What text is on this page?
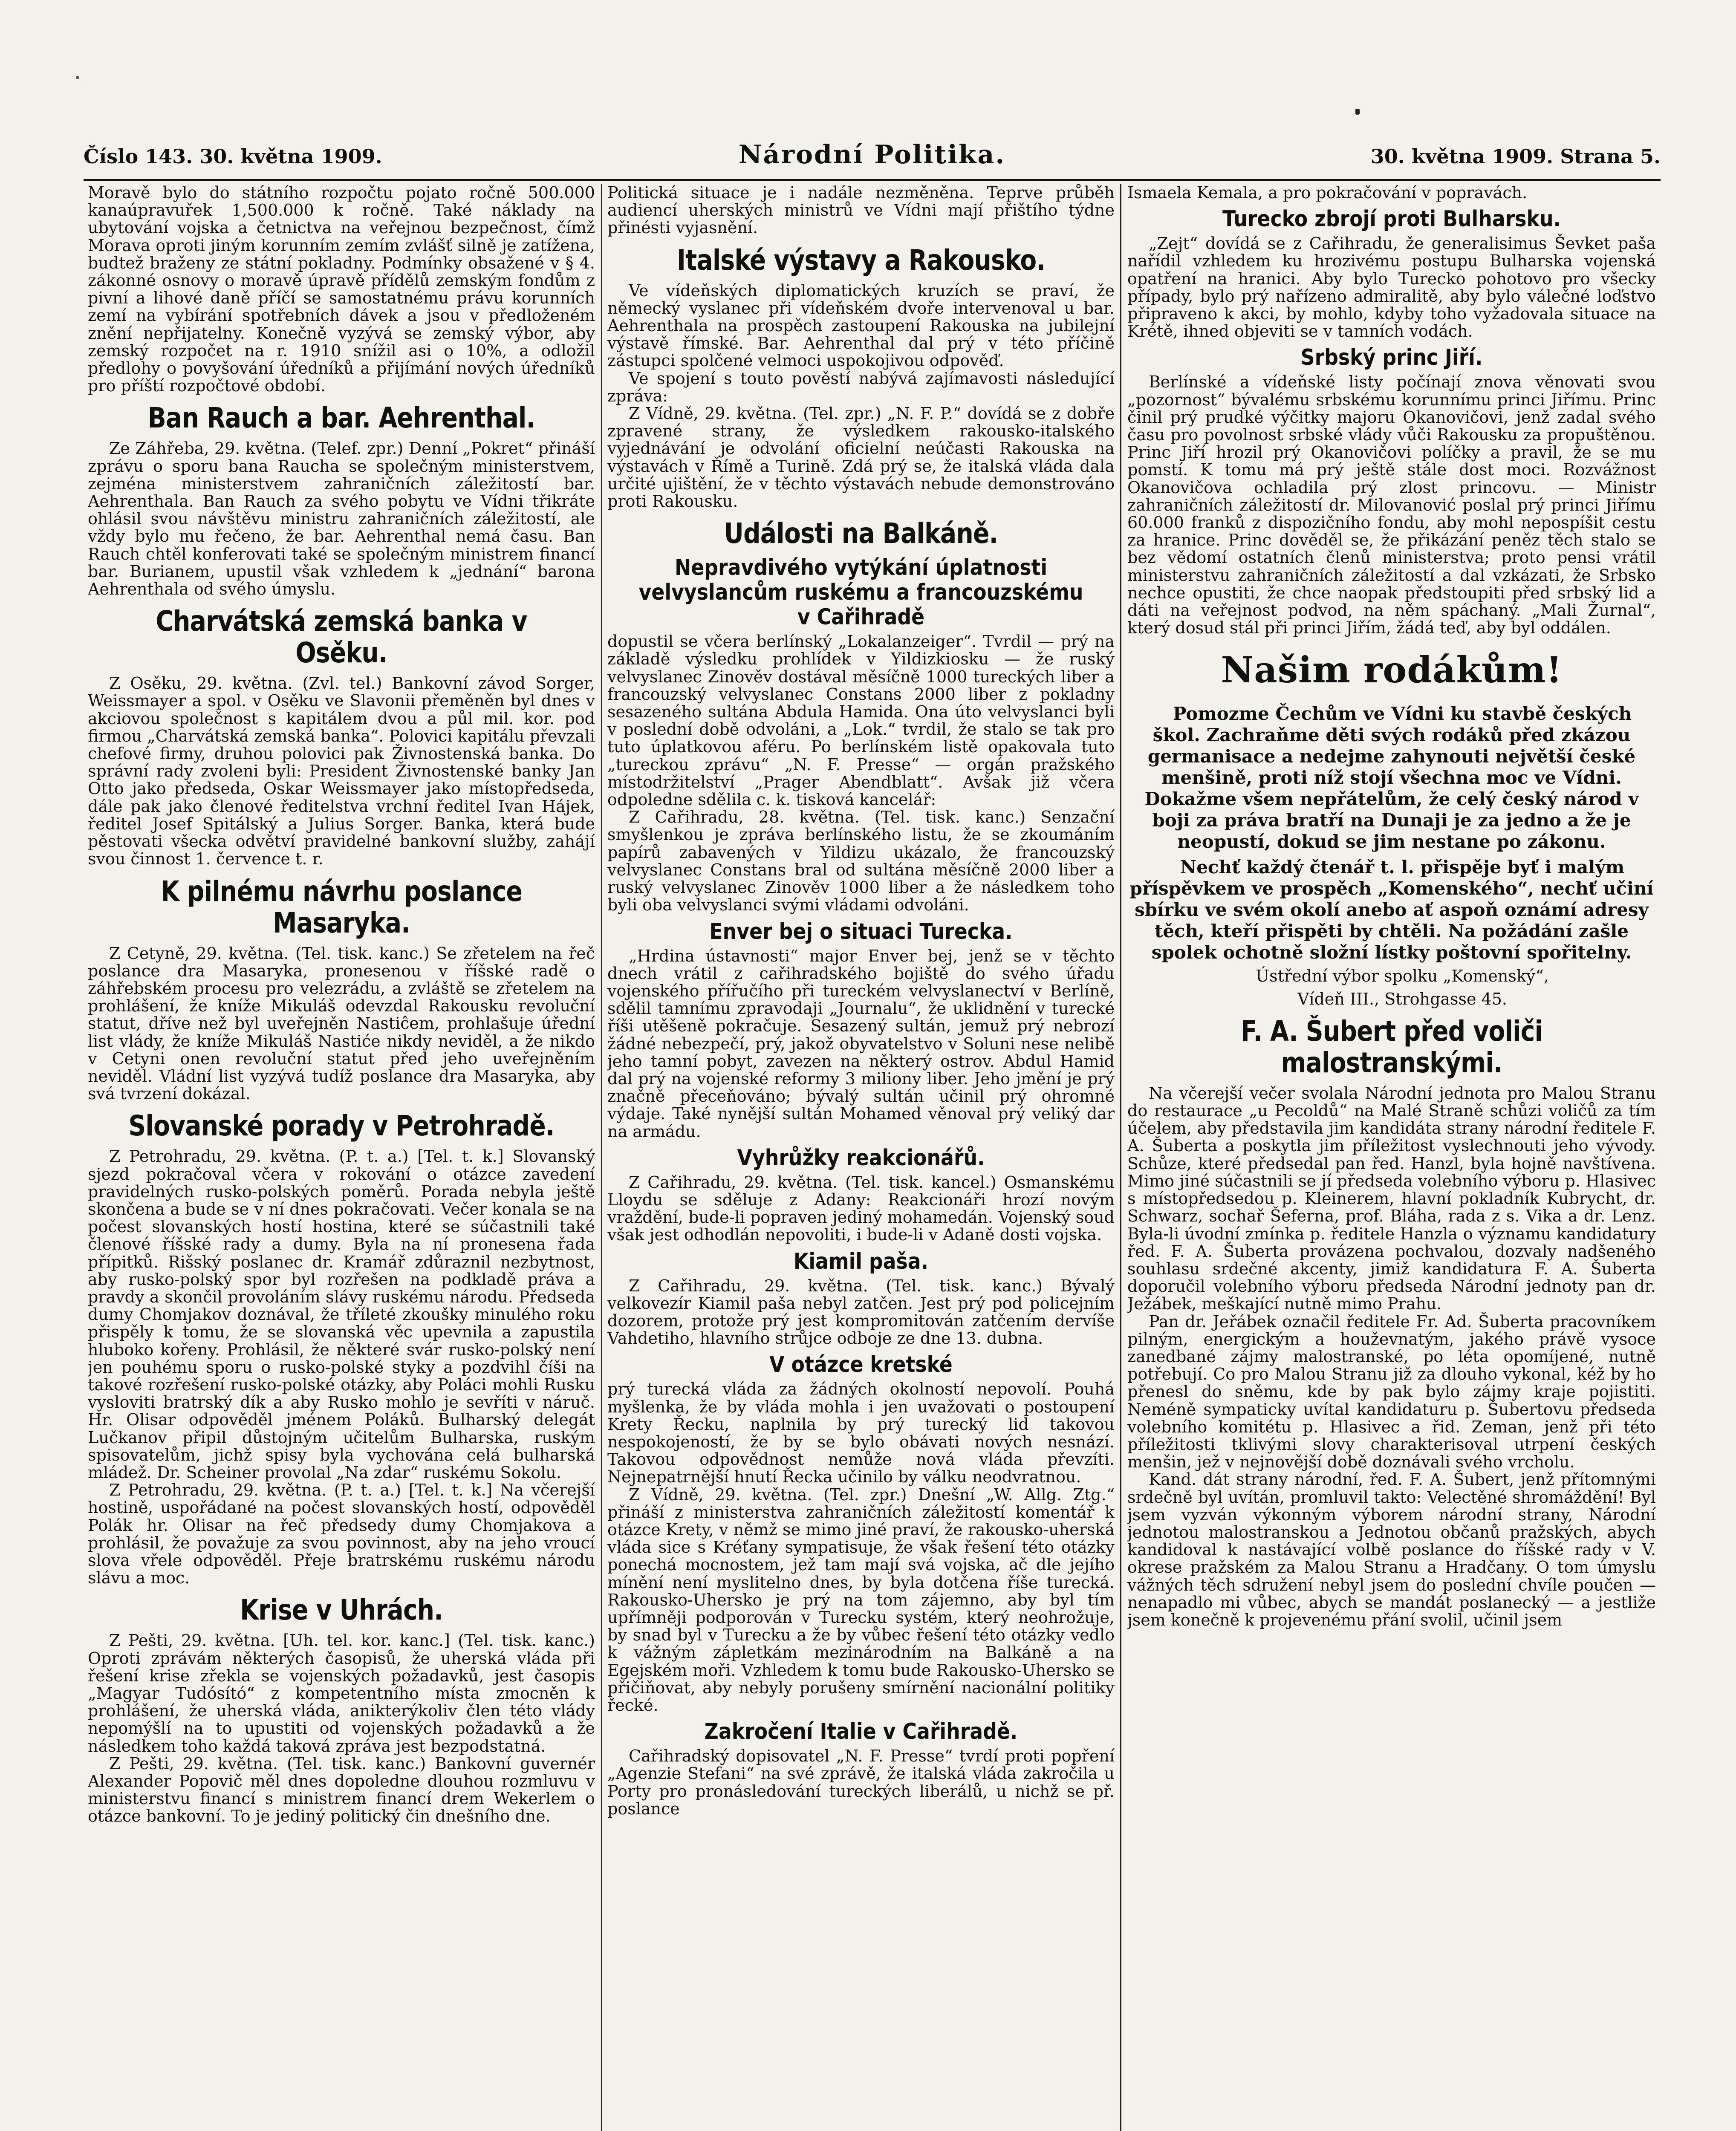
Číslo 143. 30. května 1909.	Národní Politika.	30. května 1909. Strana 5.

Moravě bylo do státního rozpočtu pojato ročně 500.000 kanaúpravuřek 1,500.000 k ročně. Také náklady na ubytování vojska a četnictva na veřejnou bezpečnost, čímž Morava oproti jiným korunním zemím zvlášť silně je zatížena, budtež braženy ze státní pokladny. Podmínky obsažené v § 4. zákonné osnovy o moravě úpravě přídělů zemským fondům z pivní a lihové daně příčí se samostatnému právu korunních zemí na vybírání spotřebních dávek a jsou v předloženém znění nepřijatelny. Konečně vyzývá se zemský výbor, aby zemský rozpočet na r. 1910 snížil asi o 10%, a odložil předlohy o povyšování úředníků a přijímání nových úředníků pro příští rozpočtové období.

Ban Rauch a bar. Aehrenthal.

Ze Záhřeba, 29. května. (Telef. zpr.) Denní „Pokret“ přináší zprávu o sporu bana Raucha se společným ministerstvem, zejména ministerstvem zahraničních záležitostí bar. Aehrenthala. Ban Rauch za svého pobytu ve Vídni třikráte ohlásil svou návštěvu ministru zahraničních záležitostí, ale vždy bylo mu řečeno, že bar. Aehrenthal nemá času. Ban Rauch chtěl konferovati také se společným ministrem financí bar. Burianem, upustil však vzhledem k „jednání“ barona Aehrenthala od svého úmyslu.

Charvátská zemská banka v Osěku.

Z Osěku, 29. května. (Zvl. tel.) Bankovní závod Sorger, Weissmayer a spol. v Osěku ve Slavonii přeměněn byl dnes v akciovou společnost s kapitálem dvou a půl mil. kor. pod firmou „Charvátská zemská banka“. Polovici kapitálu převzali chefové firmy, druhou polovici pak Živnostenská banka. Do správní rady zvoleni byli: President Živnostenské banky Jan Otto jako předseda, Oskar Weissmayer jako místopředseda, dále pak jako členové ředitelstva vrchní ředitel Ivan Hájek, ředitel Josef Spitálský a Julius Sorger. Banka, která bude pěstovati všecka odvětví pravidelné bankovní služby, zahájí svou činnost 1. července t. r.

K pilnému návrhu poslance Masaryka.

Z Cetyně, 29. května. (Tel. tisk. kanc.) Se zřetelem na řeč poslance dra Masaryka, pronesenou v říšské radě o záhřebském procesu pro velezrádu, a zvláště se zřetelem na prohlášení, že kníže Mikuláš odevzdal Rakousku revoluční statut, dříve než byl uveřejněn Nastiĉem, prohlašuje úřední list vlády, že kníže Mikuláš Nastiće nikdy neviděl, a že nikdo v Cetyni onen revoluční statut před jeho uveřejněním neviděl. Vládní list vyzývá tudíž poslance dra Masaryka, aby svá tvrzení dokázal.

Slovanské porady v Petrohradě.

Z Petrohradu, 29. května. (P. t. a.) [Tel. t. k.] Slovanský sjezd pokračoval včera v rokování o otázce zavedení pravidelných rusko-polských poměrů. Porada nebyla ještě skončena a bude se v ní dnes pokračovati. Večer konala se na počest slovanských hostí hostina, které se súčastnili také členové říšské rady a dumy. Byla na ní pronesena řada přípitků. Rišský poslanec dr. Kramář zdůraznil nezbytnost, aby rusko-polský spor byl rozřešen na podkladě práva a pravdy a skončil provoláním slávy ruskému národu. Předseda dumy Chomjakov doznával, že tříleté zkoušky minulého roku přispěly k tomu, že se slovanská věc upevnila a zapustila hluboko kořeny. Prohlásil, že některé svár rusko-polský není jen pouhému sporu o rusko-polské styky a pozdvihl číši na takové rozřešení rusko-polské otázky, aby Poláci mohli Rusku vysloviti bratrský dík a aby Rusko mohlo je sevříti v náruč. Hr. Olisar odpověděl jménem Poláků. Bulharský delegát Lučkanov připil důstojným učitelům Bulharska, ruským spisovatelům, jichž spisy byla vychována celá bulharská mládež. Dr. Scheiner provolal „Na zdar“ ruskému Sokolu.

Z Petrohradu, 29. května. (P. t. a.) [Tel. t. k.] Na včerejší hostině, uspořádané na počest slovanských hostí, odpověděl Polák hr. Olisar na řeč předsedy dumy Chomjakova a prohlásil, že považuje za svou povinnost, aby na jeho vroucí slova vřele odpověděl. Přeje bratrskému ruskému národu slávu a moc.

Krise v Uhrách.

Z Pešti, 29. května. [Uh. tel. kor. kanc.] (Tel. tisk. kanc.) Oproti zprávám některých časopisů, že uherská vláda při řešení krise zřekla se vojenských požadavků, jest časopis „Magyar Tudósító“ z kompetentního místa zmocněn k prohlášení, že uherská vláda, anikterýkoliv člen této vlády nepomýšlí na to upustiti od vojenských požadavků a že následkem toho každá taková zpráva jest bezpodstatná.

Z Pešti, 29. května. (Tel. tisk. kanc.) Bankovní guvernér Alexander Popovič měl dnes dopoledne dlouhou rozmluvu v ministerstvu financí s ministrem financí drem Wekerlem o otázce bankovní. To je jediný politický čin dnešního dne.

Politická situace je i nadále nezměněna. Teprve průběh audiencí uherských ministrů ve Vídni mají přištího týdne přinésti vyjasnění.

Italské výstavy a Rakousko.

Ve vídeňských diplomatických kruzích se praví, že německý vyslanec při vídeňském dvoře intervenoval u bar. Aehrenthala na prospěch zastoupení Rakouska na jubilejní výstavě římské. Bar. Aehrenthal dal prý v této příčině zástupci spolčené velmoci uspokojivou odpověď.

Ve spojení s touto pověstí nabývá zajímavosti následující zpráva:

Z Vídně, 29. května. (Tel. zpr.) „N. F. P.“ dovídá se z dobře zpravené strany, že výsledkem rakousko-italského vyjednávání je odvolání oficielní neúčasti Rakouska na výstavách v Římě a Turině. Zdá prý se, že italská vláda dala určité ujištění, že v těchto výstavách nebude demonstrováno proti Rakousku.

Události na Balkáně.
Nepravdivého vytýkání úplatnosti velvyslancům ruskému a francouzskému v Cařihradě

dopustil se včera berlínský „Lokalanzeiger“. Tvrdil — prý na základě výsledku prohlídek v Yildizkiosku — že ruský velvyslanec Zinověv dostával měsíčně 1000 tureckých liber a francouzský velvyslanec Constans 2000 liber z pokladny sesazeného sultána Abdula Hamida. Ona úto velvyslanci byli v poslední době odvoláni, a „Lok.“ tvrdil, že stalo se tak pro tuto úplatkovou aféru. Po berlínském listě opakovala tuto „tureckou zprávu“ „N. F. Presse“ — orgán pražského místodržitelství „Prager Abendblatt“. Avšak již včera odpoledne sdělila c. k. tisková kancelář:

Z Cařihradu, 28. května. (Tel. tisk. kanc.) Senzační smyšlenkou je zpráva berlínského listu, že se zkoumáním papírů zabavených v Yildizu ukázalo, že francouzský velvyslanec Constans bral od sultána měsíčně 2000 liber a ruský velvyslanec Zinověv 1000 liber a že následkem toho byli oba velvyslanci svými vládami odvoláni.

Enver bej o situaci Turecka.

„Hrdina ústavnosti“ major Enver bej, jenž se v těchto dnech vrátil z cařihradského bojiště do svého úřadu vojenského přířučího při tureckém velvyslanectví v Berlíně, sdělil tamnímu zpravodaji „Journalu“, že uklidnění v turecké říši utěšeně pokračuje. Sesazený sultán, jemuž prý nebrozí žádné nebezpečí, prý, jakož obyvatelstvo v Soluni nese nelibě jeho tamní pobyt, zavezen na některý ostrov. Abdul Hamid dal prý na vojenské reformy 3 miliony liber. Jeho jmění je prý značně přeceňováno; bývalý sultán učinil prý ohromné výdaje. Také nynější sultán Mohamed věnoval prý veliký dar na armádu.

Vyhrůžky reakcionářů.

Z Cařihradu, 29. května. (Tel. tisk. kancel.) Osmanskému Lloydu se sděluje z Adany: Reakcionáři hrozí novým vraždění, bude-li popraven jediný mohamedán. Vojenský soud však jest odhodlán nepovoliti, i bude-li v Adaně dosti vojska.

Kiamil paša.

Z Cařihradu, 29. května. (Tel. tisk. kanc.) Bývalý velkovezír Kiamil paša nebyl zatčen. Jest prý pod policejním dozorem, protože prý jest kompromitován zatčením dervíše Vahdetiho, hlavního strůjce odboje ze dne 13. dubna.

V otázce kretské

prý turecká vláda za žádných okolností nepovolí. Pouhá myšlenka, že by vláda mohla i jen uvažovati o postoupení Krety Řecku, naplnila by prý turecký lid takovou nespokojeností, že by se bylo obávati nových nesnází. Takovou odpovědnost nemůže nová vláda převzíti. Nejnepatrnější hnutí Řecka učinilo by válku neodvratnou.

Z Vídně, 29. května. (Tel. zpr.) Dnešní „W. Allg. Ztg.“ přináší z ministerstva zahraničních záležitostí komentář k otázce Krety, v němž se mimo jiné praví, že rakousko-uherská vláda sice s Kréťany sympatisuje, že však řešení této otázky ponechá mocnostem, jež tam mají svá vojska, ač dle jejího mínění není myslitelno dnes, by byla dotčena říše turecká. Rakousko-Uhersko je prý na tom zájemno, aby byl tím upřímněji podporován v Turecku systém, který neohrožuje, by snad byl v Turecku a že by vůbec řešení této otázky vedlo k vážným zápletkám mezinárodním na Balkáně a na Egejském moři. Vzhledem k tomu bude Rakousko-Uhersko se přičiňovat, aby nebyly porušeny smírnění nacionální politiky řecké.

Zakročení Italie v Cařihradě.

Cařihradský dopisovatel „N. F. Presse“ tvrdí proti popření „Agenzie Stefani“ na své zprávě, že italská vláda zakročila u Porty pro pronásledování tureckých liberálů, u nichž se př. poslance

Ismaela Kemala, a pro pokračování v popravách.

Turecko zbrojí proti Bulharsku.

„Zejt“ dovídá se z Cařihradu, že generalisimus Ševket paša nařídil vzhledem ku hrozivému postupu Bulharska vojenská opatření na hranici. Aby bylo Turecko pohotovo pro všecky případy, bylo prý nařízeno admiralitě, aby bylo válečné loďstvo připraveno k akci, by mohlo, kdyby toho vyžadovala situace na Krétě, ihned objeviti se v tamních vodách.

Srbský princ Jiří.

Berlínské a vídeňské listy počínají znova věnovati svou „pozornost“ bývalému srbskému korunnímu princi Jiřímu. Princ činil prý prudké výčitky majoru Okanovičovi, jenž zadal svého času pro povolnost srbské vlády vůči Rakousku za propuštěnou. Princ Jiří hrozil prý Okanovičovi políčky a pravil, že se mu pomstí. K tomu má prý ještě stále dost moci. Rozvážnost Okanovičova ochladila prý zlost princovu. — Ministr zahraničních záležitostí dr. Milovanović poslal prý princi Jiřímu 60.000 franků z dispozičního fondu, aby mohl nepospíšit cestu za hranice. Princ dověděl se, že přikázání peněz těch stalo se bez vědomí ostatních členů ministerstva; proto pensi vrátil ministerstvu zahraničních záležitostí a dal vzkázati, že Srbsko nechce opustiti, že chce naopak předstoupiti před srbský lid a dáti na veřejnost podvod, na něm spáchaný. „Mali Žurnal“, který dosud stál při princi Jiřím, žádá teď, aby byl oddálen.

Našim rodákům!

Pomozme Čechům ve Vídni ku stavbě českých škol. Zachraňme děti svých rodáků před zkázou germanisace a nedejme zahynouti největší české menšině, proti níž stojí všechna moc ve Vídni. Dokažme všem nepřátelům, že celý český národ v boji za práva bratří na Dunaji je za jedno a že je neopustí, dokud se jim nestane po zákonu.

Nechť každý čtenář t. l. přispěje byť i malým příspěvkem ve prospěch „Komenského“, nechť učiní sbírku ve svém okolí anebo ať aspoň oznámí adresy těch, kteří přispěti by chtěli. Na požádání zašle spolek ochotně složní lístky poštovní spořitelny.

Ústřední výbor spolku „Komenský“,

Vídeň III., Strohgasse 45.

F. A. Šubert před voliči malostranskými.

Na včerejší večer svolala Národní jednota pro Malou Stranu do restaurace „u Pecoldů“ na Malé Straně schůzi voličů za tím účelem, aby představila jim kandidáta strany národní ředitele F. A. Šuberta a poskytla jim příležitost vyslechnouti jeho vývody. Schůze, které předsedal pan řed. Hanzl, byla hojně navštívena. Mimo jiné súčastnili se jí předseda volebního výboru p. Hlasivec s místopředsedou p. Kleinerem, hlavní pokladník Kubrycht, dr. Schwarz, sochař Šeferna, prof. Bláha, rada z s. Vika a dr. Lenz. Byla-li úvodní zmínka p. ředitele Hanzla o významu kandidatury řed. F. A. Šuberta provázena pochvalou, dozvaly nadšeného souhlasu srdečné akcenty, jimiž kandidatura F. A. Šuberta doporučil volebního výboru předseda Národní jednoty pan dr. Ježábek, meškající nutně mimo Prahu.

Pan dr. Jeřábek označil ředitele Fr. Ad. Šuberta pracovníkem pilným, energickým a houževnatým, jakého právě vysoce zanedbané zájmy malostranské, po léta opomíjené, nutně potřebují. Co pro Malou Stranu již za dlouho vykonal, kéž by ho přenesl do sněmu, kde by pak bylo zájmy kraje pojistiti. Neméně sympaticky uvítal kandidaturu p. Šubertovu předseda volebního komitétu p. Hlasivec a řid. Zeman, jenž při této příležitosti tklivými slovy charakterisoval utrpení českých menšin, jež v nejnovější době doznávali svého vrcholu.

Kand. dát strany národní, řed. F. A. Šubert, jenž přítomnými srdečně byl uvítán, promluvil takto: Velectěné shromáždění! Byl jsem vyzván výkonným výborem národní strany, Národní jednotou malostranskou a Jednotou občanů pražských, abych kandidoval k nastávající volbě poslance do říšské rady v V. okrese pražském za Malou Stranu a Hradčany. O tom úmyslu vážných těch sdružení nebyl jsem do poslední chvíle poučen — nenapadlo mi vůbec, abych se mandát poslanecký — a jestliže jsem konečně k projevenému přání svolil, učinil jsem
